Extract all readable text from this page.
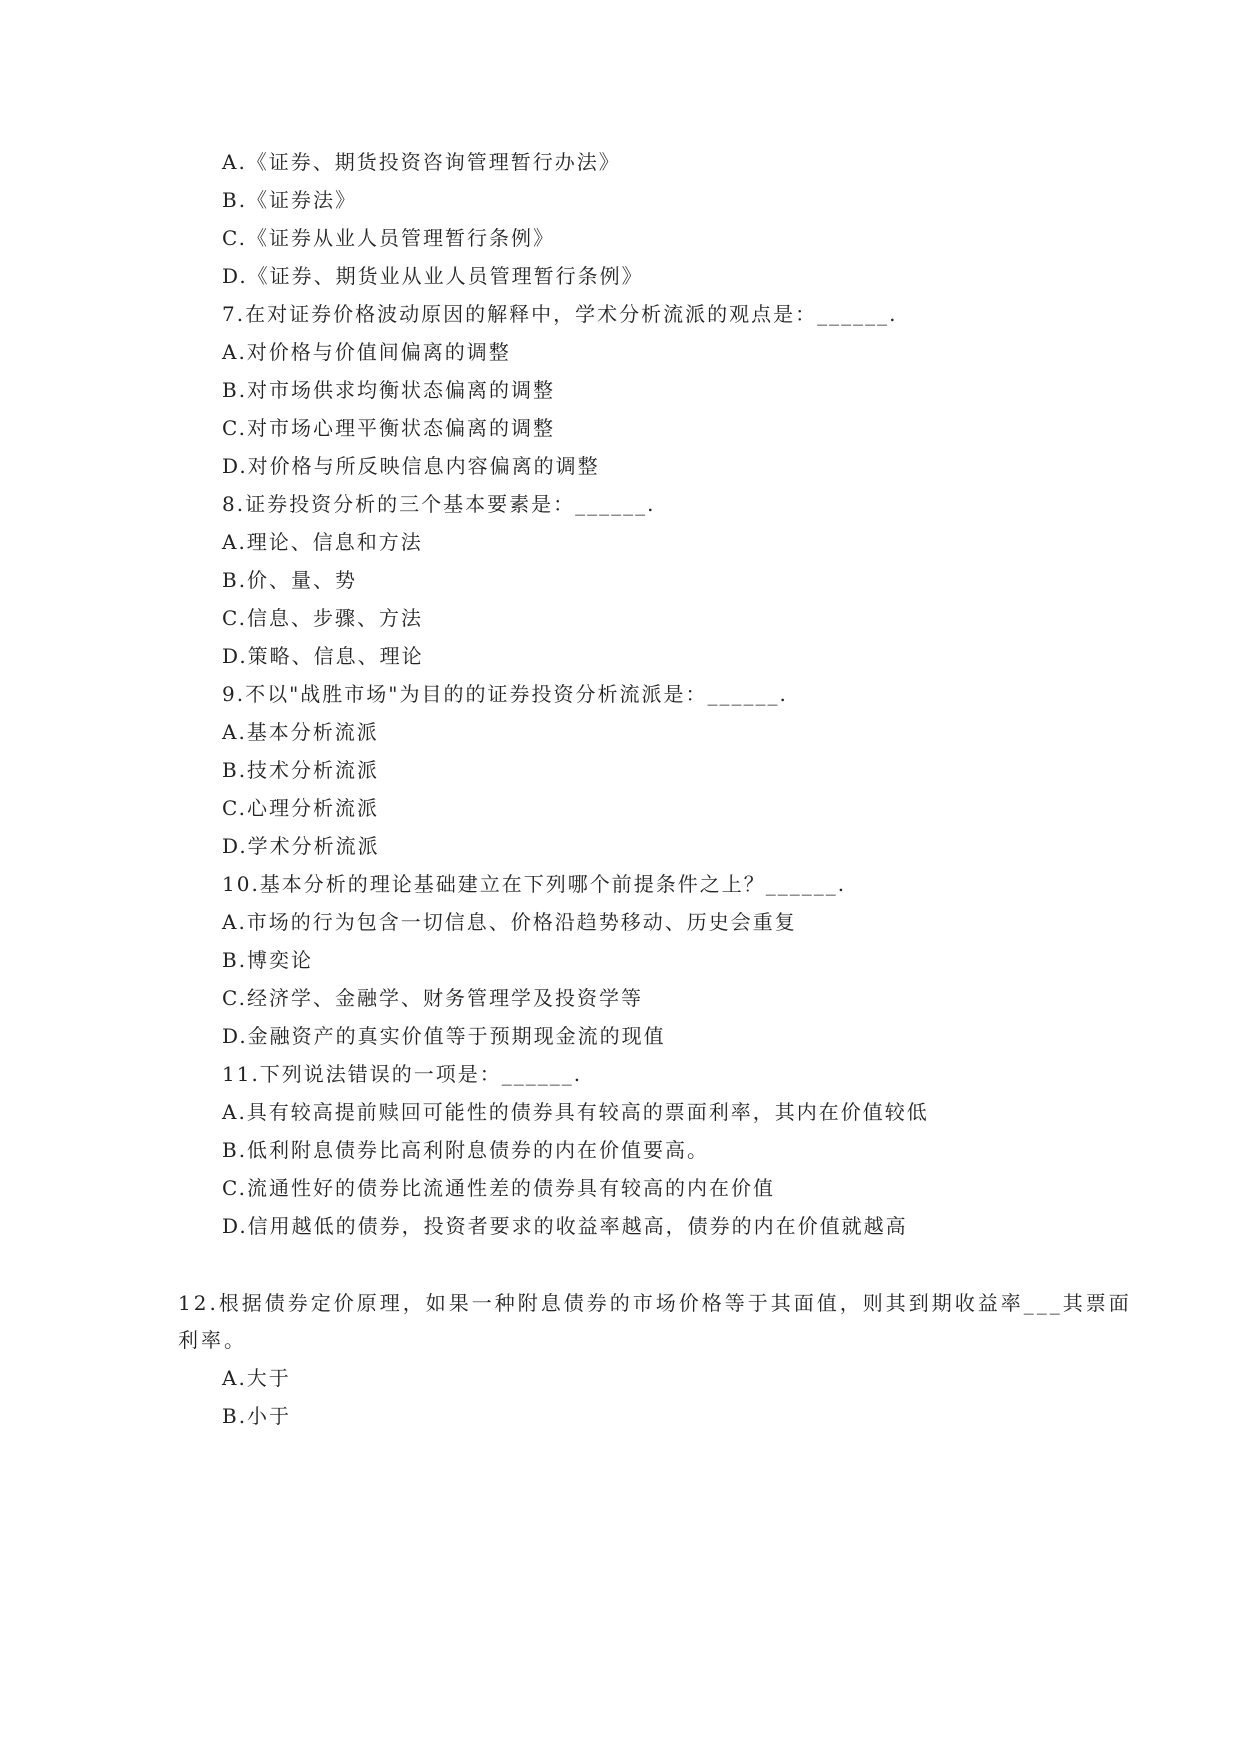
A.《证券、期货投资咨询管理暂行办法》
B.《证券法》
C.《证券从业人员管理暂行条例》
D.《证券、期货业从业人员管理暂行条例》
7.在对证券价格波动原因的解释中，学术分析流派的观点是：______.
A.对价格与价值间偏离的调整
B.对市场供求均衡状态偏离的调整
C.对市场心理平衡状态偏离的调整
D.对价格与所反映信息内容偏离的调整
8.证券投资分析的三个基本要素是：______.
A.理论、信息和方法
B.价、量、势
C.信息、步骤、方法
D.策略、信息、理论
9.不以"战胜市场"为目的的证券投资分析流派是：______.
A.基本分析流派
B.技术分析流派
C.心理分析流派
D.学术分析流派
10.基本分析的理论基础建立在下列哪个前提条件之上？______.
A.市场的行为包含一切信息、价格沿趋势移动、历史会重复
B.博奕论
C.经济学、金融学、财务管理学及投资学等
D.金融资产的真实价值等于预期现金流的现值
11.下列说法错误的一项是：______.
A.具有较高提前赎回可能性的债券具有较高的票面利率，其内在价值较低
B.低利附息债券比高利附息债券的内在价值要高。
C.流通性好的债券比流通性差的债券具有较高的内在价值
D.信用越低的债券，投资者要求的收益率越高，债券的内在价值就越高
12.根据债券定价原理，如果一种附息债券的市场价格等于其面值，则其到期收益率___其票面
利率。
A.大于
B.小于
